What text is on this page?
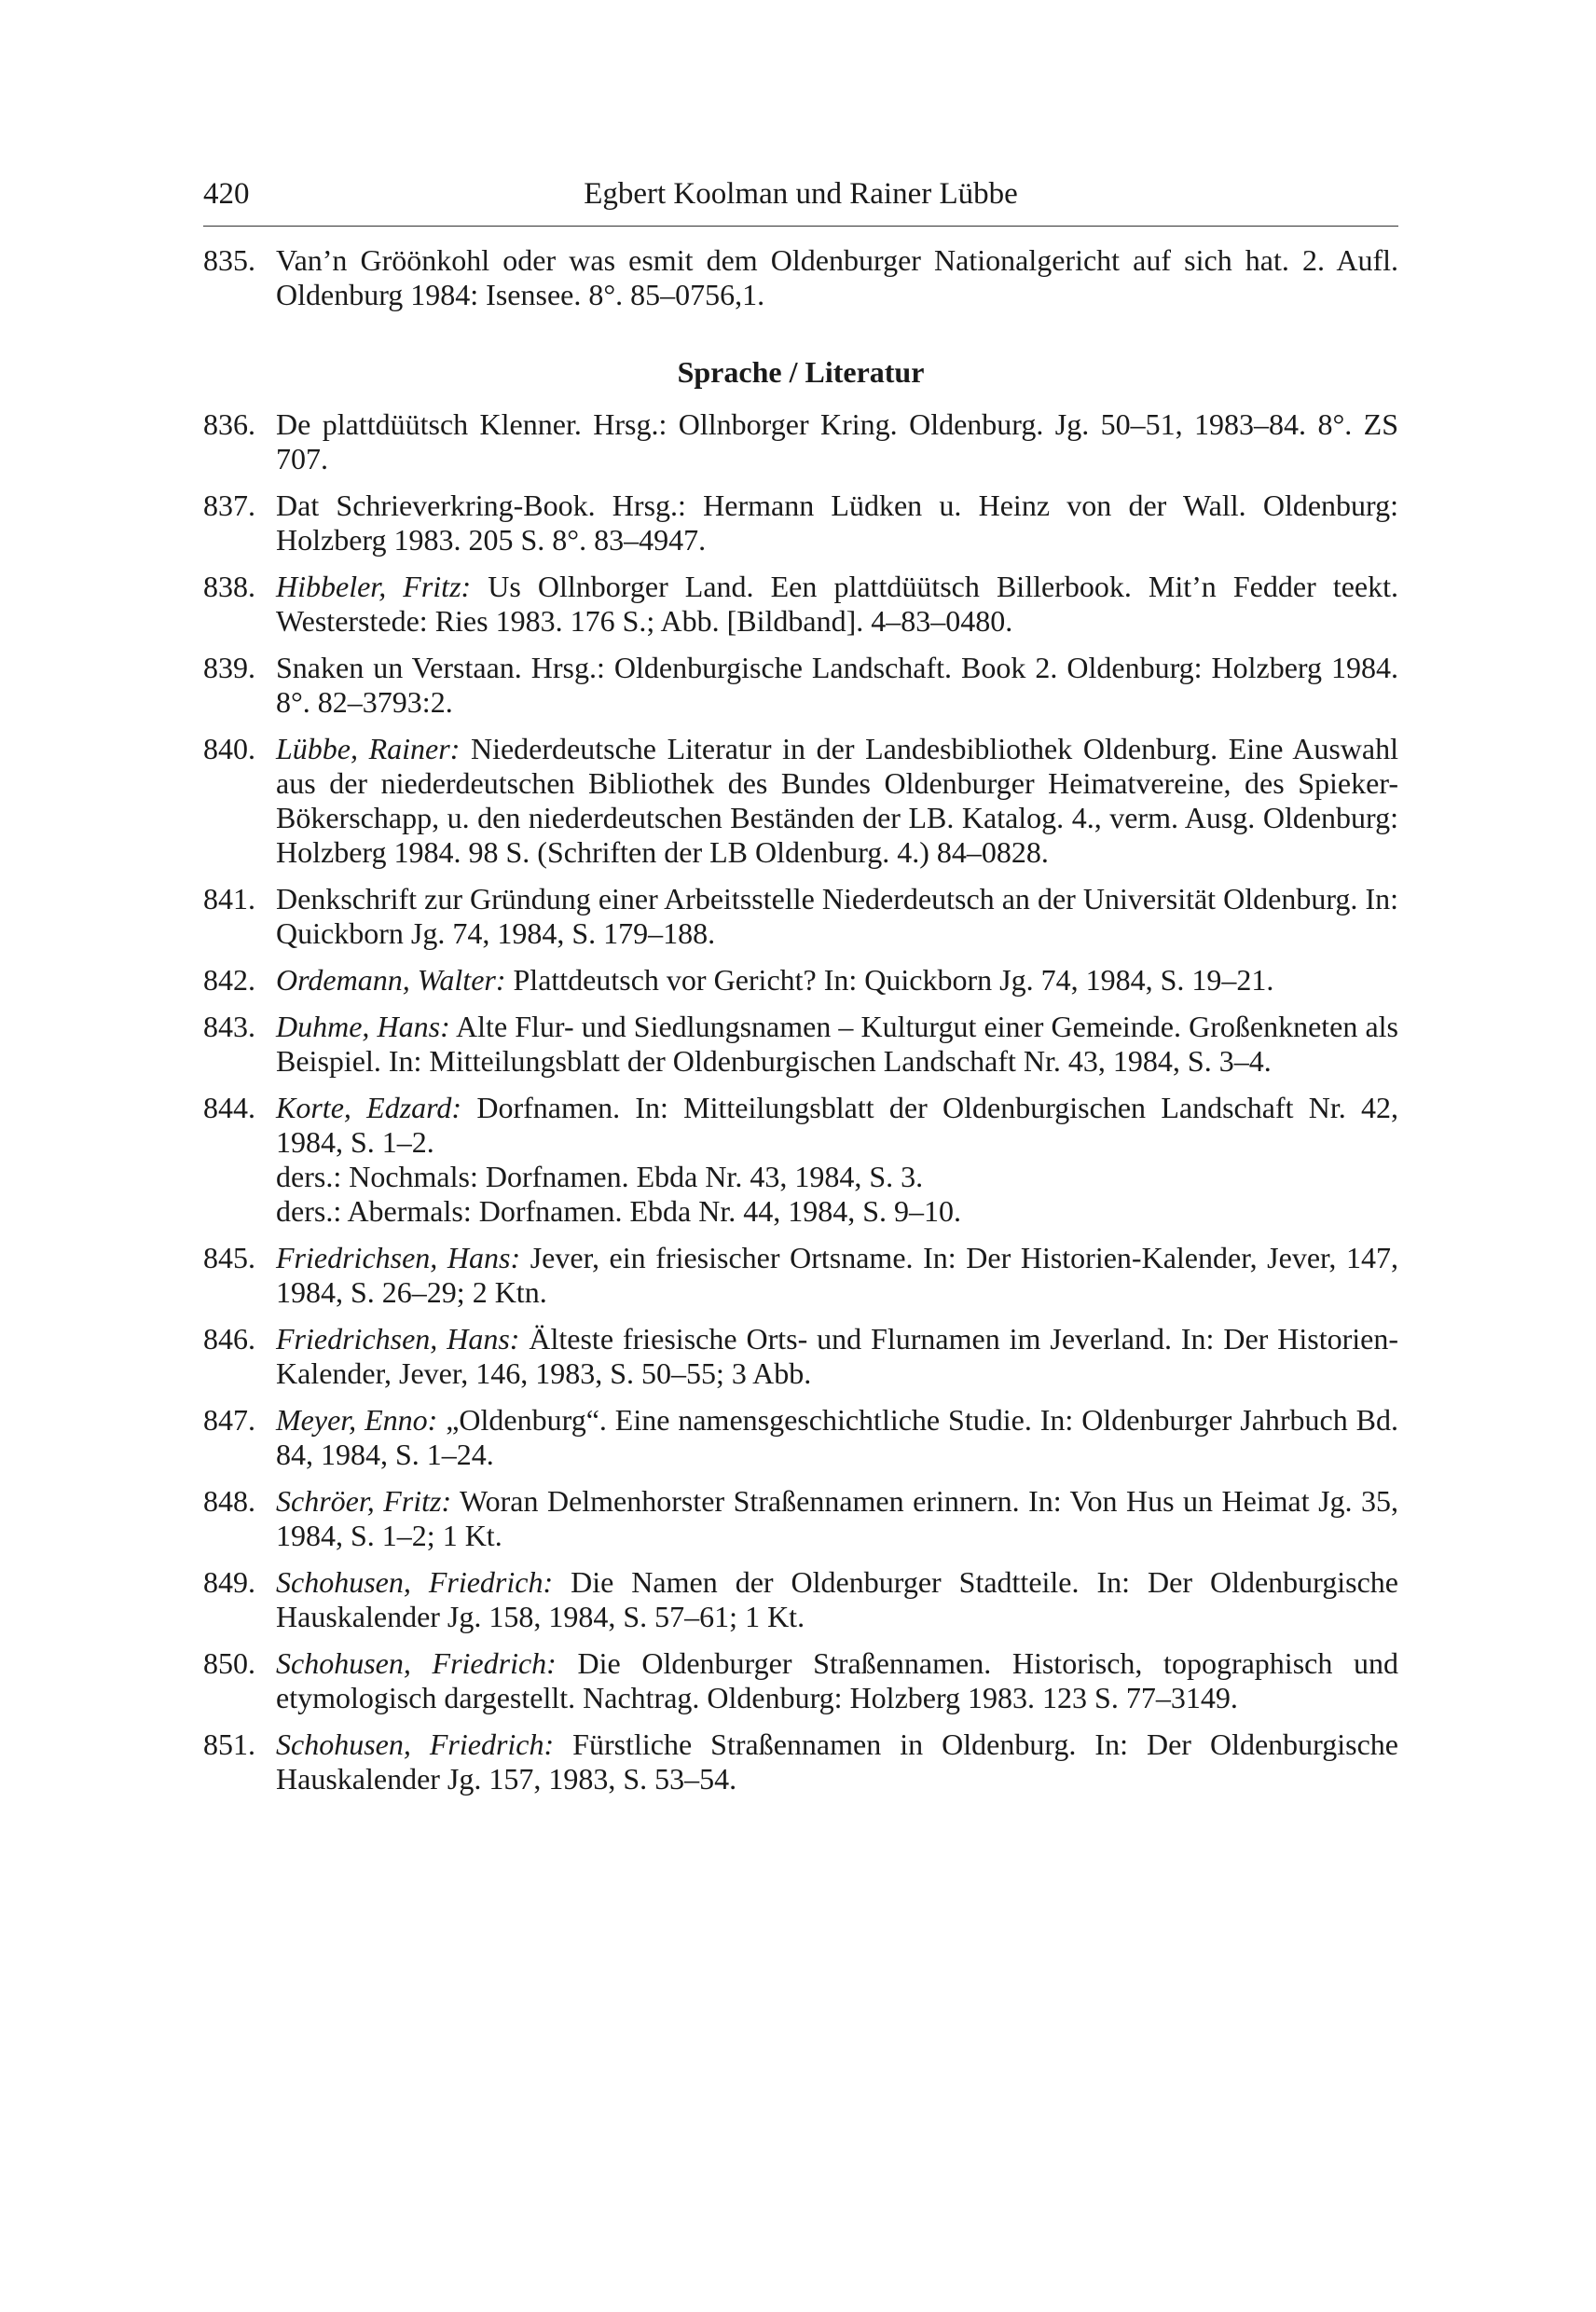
420	Egbert Koolman und Rainer Lübbe
835. Van’n Gröönkohl oder was esmit dem Oldenburger Nationalgericht auf sich hat. 2. Aufl. Oldenburg 1984: Isensee. 8°. 85–0756,1.

Sprache / Literatur
836. De plattdüütsch Klenner. Hrsg.: Ollnborger Kring. Oldenburg. Jg. 50–51, 1983–84. 8°. ZS 707.

837. Dat Schrieverkring-Book. Hrsg.: Hermann Lüdken u. Heinz von der Wall. Oldenburg: Holzberg 1983. 205 S. 8°. 83–4947.

838. Hibbeler, Fritz: Us Ollnborger Land. Een plattdüütsch Billerbook. Mit’n Fedder teekt. Westerstede: Ries 1983. 176 S.; Abb. [Bildband]. 4–83–0480.

839. Snaken un Verstaan. Hrsg.: Oldenburgische Landschaft. Book 2. Oldenburg: Holzberg 1984. 8°. 82–3793:2.

840. Lübbe, Rainer: Niederdeutsche Literatur in der Landesbibliothek Oldenburg. Eine Auswahl aus der niederdeutschen Bibliothek des Bundes Oldenburger Heimatvereine, des Spieker-Bökerschapp, u. den niederdeutschen Beständen der LB. Katalog. 4., verm. Ausg. Oldenburg: Holzberg 1984. 98 S. (Schriften der LB Oldenburg. 4.) 84–0828.

841. Denkschrift zur Gründung einer Arbeitsstelle Niederdeutsch an der Universität Oldenburg. In: Quickborn Jg. 74, 1984, S. 179–188.

842. Ordemann, Walter: Plattdeutsch vor Gericht? In: Quickborn Jg. 74, 1984, S. 19–21.

843. Duhme, Hans: Alte Flur- und Siedlungsnamen – Kulturgut einer Gemeinde. Großenkneten als Beispiel. In: Mitteilungsblatt der Oldenburgischen Landschaft Nr. 43, 1984, S. 3–4.

844. Korte, Edzard: Dorfnamen. In: Mitteilungsblatt der Oldenburgischen Landschaft Nr. 42, 1984, S. 1–2.

ders.: Nochmals: Dorfnamen. Ebda Nr. 43, 1984, S. 3.

ders.: Abermals: Dorfnamen. Ebda Nr. 44, 1984, S. 9–10.

845. Friedrichsen, Hans: Jever, ein friesischer Ortsname. In: Der Historien-Kalender, Jever, 147, 1984, S. 26–29; 2 Ktn.

846. Friedrichsen, Hans: Älteste friesische Orts- und Flurnamen im Jeverland. In: Der Historien-Kalender, Jever, 146, 1983, S. 50–55; 3 Abb.

847. Meyer, Enno: „Oldenburg“. Eine namensgeschichtliche Studie. In: Oldenburger Jahrbuch Bd. 84, 1984, S. 1–24.

848. Schröer, Fritz: Woran Delmenhorster Straßennamen erinnern. In: Von Hus un Heimat Jg. 35, 1984, S. 1–2; 1 Kt.

849. Schohusen, Friedrich: Die Namen der Oldenburger Stadtteile. In: Der Oldenburgische Hauskalender Jg. 158, 1984, S. 57–61; 1 Kt.

850. Schohusen, Friedrich: Die Oldenburger Straßennamen. Historisch, topographisch und etymologisch dargestellt. Nachtrag. Oldenburg: Holzberg 1983. 123 S. 77–3149.

851. Schohusen, Friedrich: Fürstliche Straßennamen in Oldenburg. In: Der Oldenburgische Hauskalender Jg. 157, 1983, S. 53–54.
